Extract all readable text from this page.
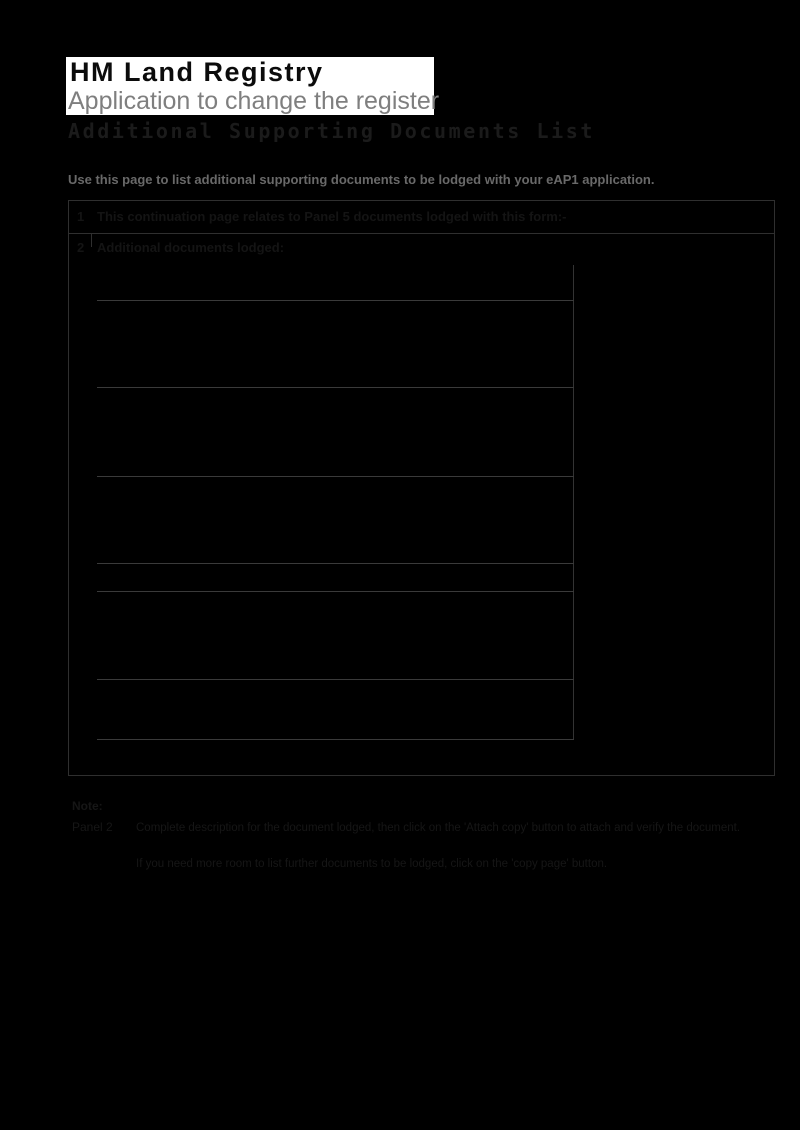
HM Land Registry
Application to change the register
Additional Supporting Documents List
Use this page to list additional supporting documents to be lodged with your eAP1 application.
1 This continuation page relates to Panel 5 documents lodged with this form:-
2 Additional documents lodged:
Note:
Panel 2 Complete description for the document lodged, then click on the 'Attach copy' button to attach and verify the document.
If you need more room to list further documents to be lodged, click on the 'copy page' button.
